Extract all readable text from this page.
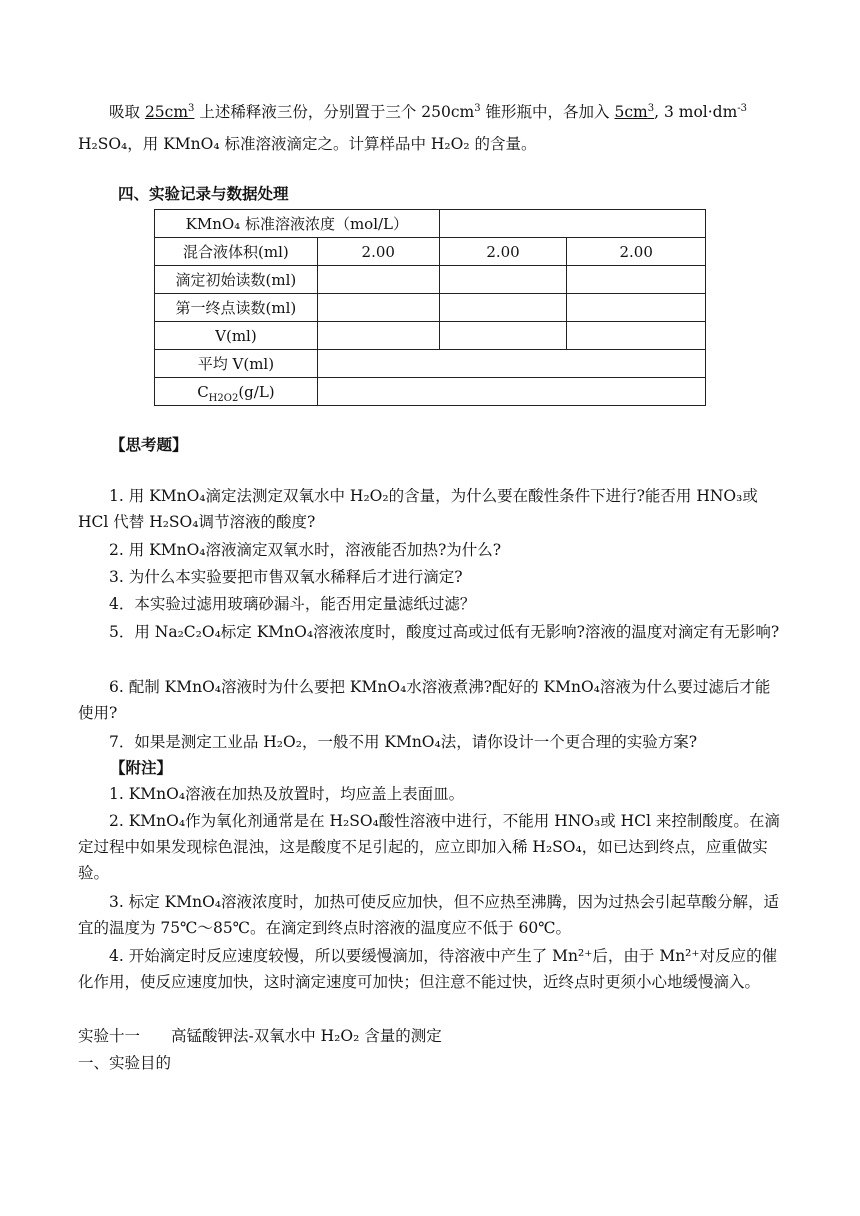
吸取 $25cm^3$ 上述稀释液三份，分别置于三个 $250cm^3$ 锥形瓶中，各加入 $5cm^3$, 3 $mol\cdot dm^{-3}$
H₂SO₄，用 KMnO₄ 标准溶液滴定之。计算样品中 H₂O₂ 的含量。
四、实验记录与数据处理
KMnO₄ 标准溶液浓度（mol/L）			
混合液体积(ml)	2.00	2.00	2.00
滴定初始读数(ml)			
第一终点读数(ml)			
V(ml)			
平均 V(ml)			
$C_{H2O2}(g/L)$			
【思考题】
1. 用 KMnO₄滴定法测定双氧水中 H₂O₂的含量，为什么要在酸性条件下进行?能否用 HNO₃或 HCl 代替 H₂SO₄调节溶液的酸度?
2. 用 KMnO₄溶液滴定双氧水时，溶液能否加热?为什么?
3. 为什么本实验要把市售双氧水稀释后才进行滴定?
4．本实验过滤用玻璃砂漏斗，能否用定量滤纸过滤？
5．用 Na₂C₂O₄标定 KMnO₄溶液浓度时，酸度过高或过低有无影响?溶液的温度对滴定有无影响?
6. 配制 KMnO₄溶液时为什么要把 KMnO₄水溶液煮沸?配好的 KMnO₄溶液为什么要过滤后才能使用?
7．如果是测定工业品 H₂O₂，一般不用 KMnO₄法，请你设计一个更合理的实验方案?
【附注】
1. KMnO₄溶液在加热及放置时，均应盖上表面皿。
2. KMnO₄作为氧化剂通常是在 H₂SO₄酸性溶液中进行，不能用 HNO₃或 HCl 来控制酸度。在滴定过程中如果发现棕色混浊，这是酸度不足引起的，应立即加入稀 H₂SO₄，如已达到终点，应重做实验。
3. 标定 KMnO₄溶液浓度时，加热可使反应加快，但不应热至沸腾，因为过热会引起草酸分解，适宜的温度为 75℃～85℃。在滴定到终点时溶液的温度应不低于 60℃。
4. 开始滴定时反应速度较慢，所以要缓慢滴加，待溶液中产生了 Mn²⁺后，由于 Mn²⁺对反应的催化作用，使反应速度加快，这时滴定速度可加快；但注意不能过快，近终点时更须小心地缓慢滴入。
实验十一　　高锰酸钾法-双氧水中 H₂O₂ 含量的测定
一、实验目的
